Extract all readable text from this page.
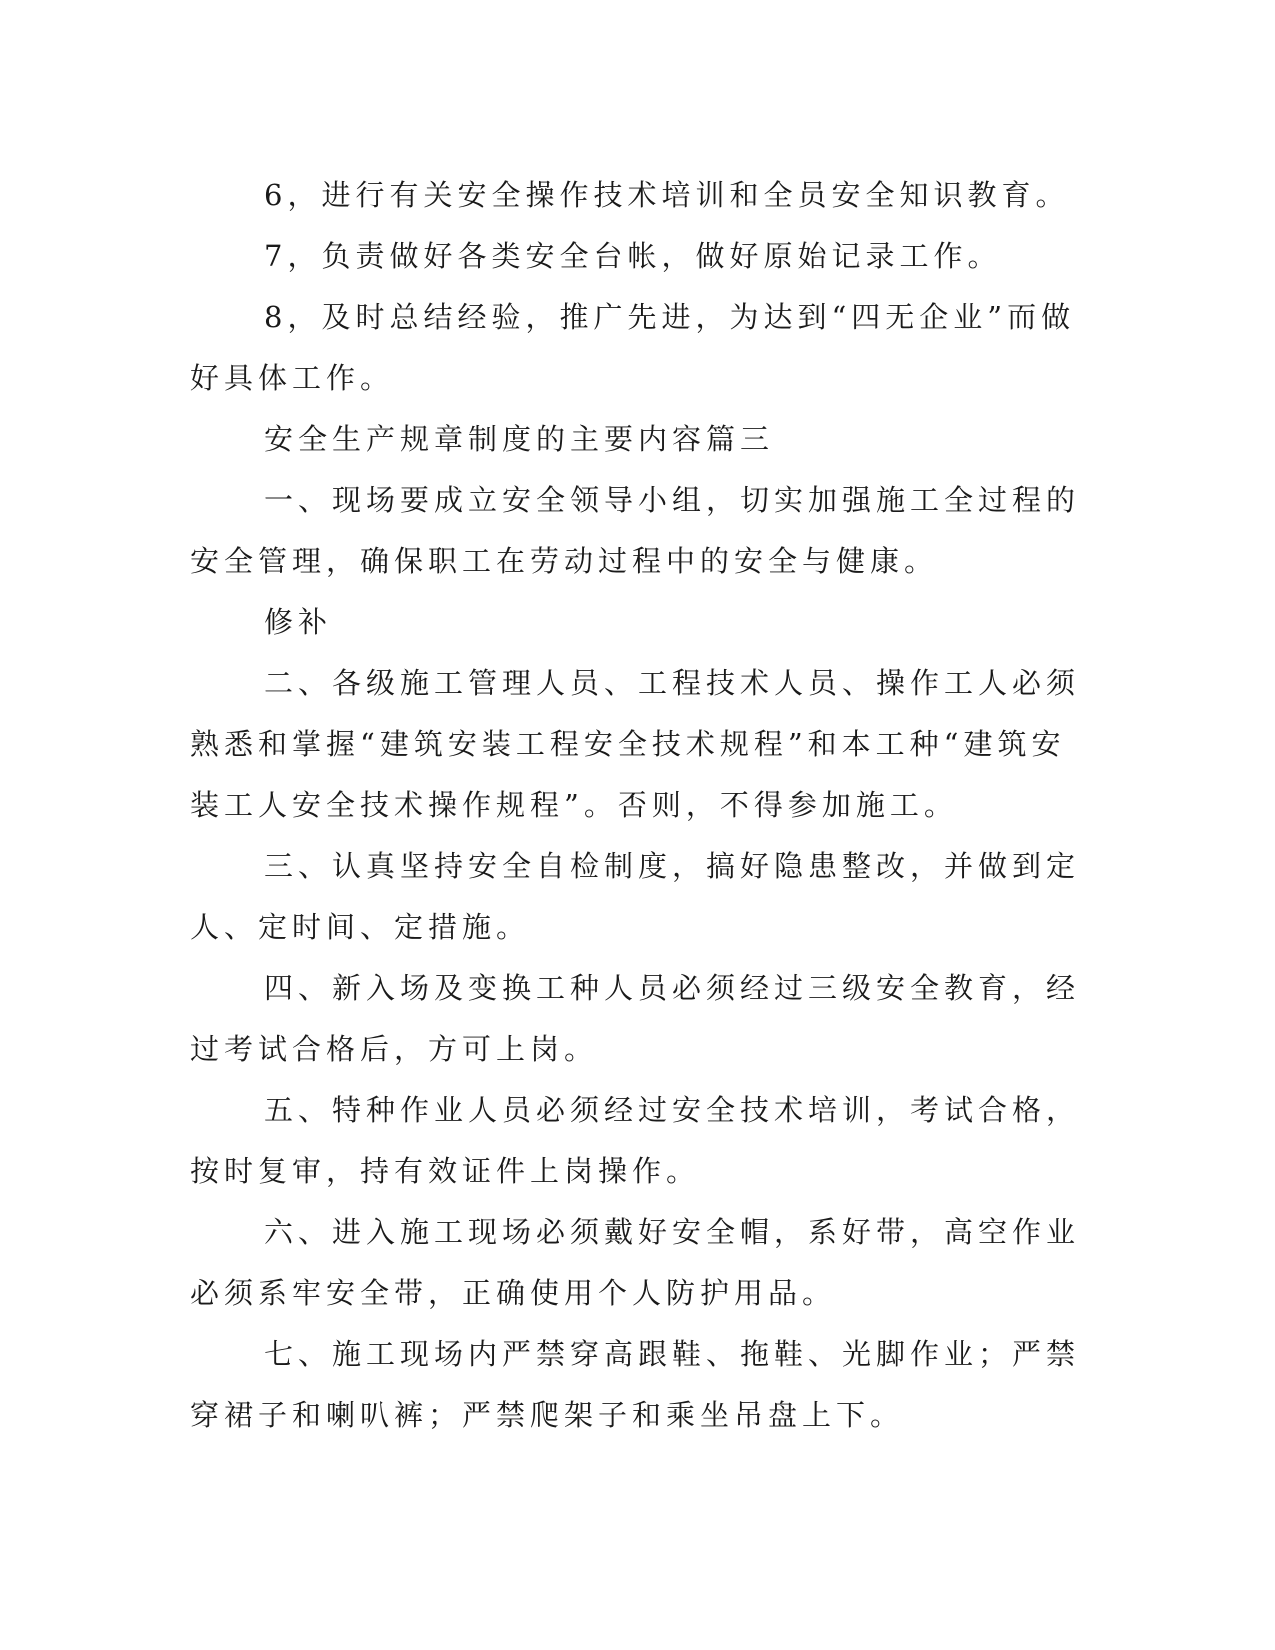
6，进行有关安全操作技术培训和全员安全知识教育。

7，负责做好各类安全台帐，做好原始记录工作。

8，及时总结经验，推广先进，为达到“四无企业”而做好具体工作。

安全生产规章制度的主要内容篇三

一、现场要成立安全领导小组，切实加强施工全过程的安全管理，确保职工在劳动过程中的安全与健康。

修补

二、各级施工管理人员、工程技术人员、操作工人必须熟悉和掌握“建筑安装工程安全技术规程”和本工种“建筑安装工人安全技术操作规程”。否则，不得参加施工。

三、认真坚持安全自检制度，搞好隐患整改，并做到定人、定时间、定措施。

四、新入场及变换工种人员必须经过三级安全教育，经过考试合格后，方可上岗。

五、特种作业人员必须经过安全技术培训，考试合格，按时复审，持有效证件上岗操作。

六、进入施工现场必须戴好安全帽，系好带，高空作业必须系牢安全带，正确使用个人防护用品。

七、施工现场内严禁穿高跟鞋、拖鞋、光脚作业；严禁穿裙子和喇叭裤；严禁爬架子和乘坐吊盘上下。
